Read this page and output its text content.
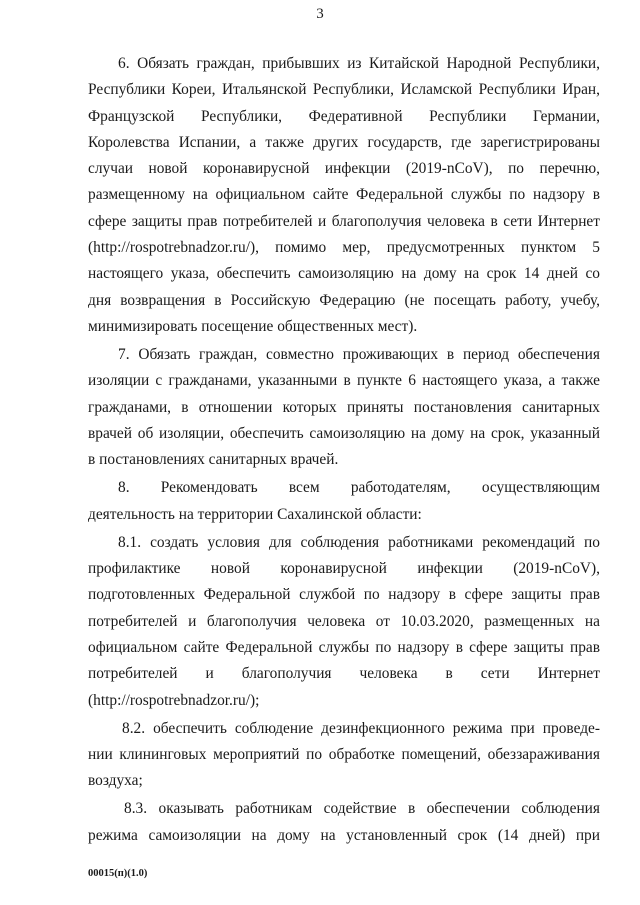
3
6. Обязать граждан, прибывших из Китайской Народной Республики,
Республики Кореи, Итальянской Республики, Исламской Республики Иран,
Французской Республики, Федеративной Республики Германии,
Королевства Испании, а также других государств, где зарегистрированы
случаи новой коронавирусной инфекции (2019-nCoV), по перечню,
размещенному на официальном сайте Федеральной службы по надзору в
сфере защиты прав потребителей и благополучия человека в сети Интернет
(http://rospotrebnadzor.ru/), помимо мер, предусмотренных пунктом 5
настоящего указа, обеспечить самоизоляцию на дому на срок 14 дней со
дня возвращения в Российскую Федерацию (не посещать работу, учебу,
минимизировать посещение общественных мест).
7. Обязать граждан, совместно проживающих в период обеспечения
изоляции с гражданами, указанными в пункте 6 настоящего указа, а также
гражданами, в отношении которых приняты постановления санитарных
врачей об изоляции, обеспечить самоизоляцию на дому на срок, указанный
в постановлениях санитарных врачей.
8. Рекомендовать всем работодателям, осуществляющим
деятельность на территории Сахалинской области:
8.1. создать условия для соблюдения работниками рекомендаций по
профилактике новой коронавирусной инфекции (2019-nCoV),
подготовленных Федеральной службой по надзору в сфере защиты прав
потребителей и благополучия человека от 10.03.2020, размещенных на
официальном сайте Федеральной службы по надзору в сфере защиты прав
потребителей и благополучия человека в сети Интернет
(http://rospotrebnadzor.ru/);
8.2. обеспечить соблюдение дезинфекционного режима при проведе-
нии клининговых мероприятий по обработке помещений, обеззараживания
воздуха;
8.3. оказывать работникам содействие в обеспечении соблюдения
режима самоизоляции на дому на установленный срок (14 дней) при
00015(п)(1.0)
